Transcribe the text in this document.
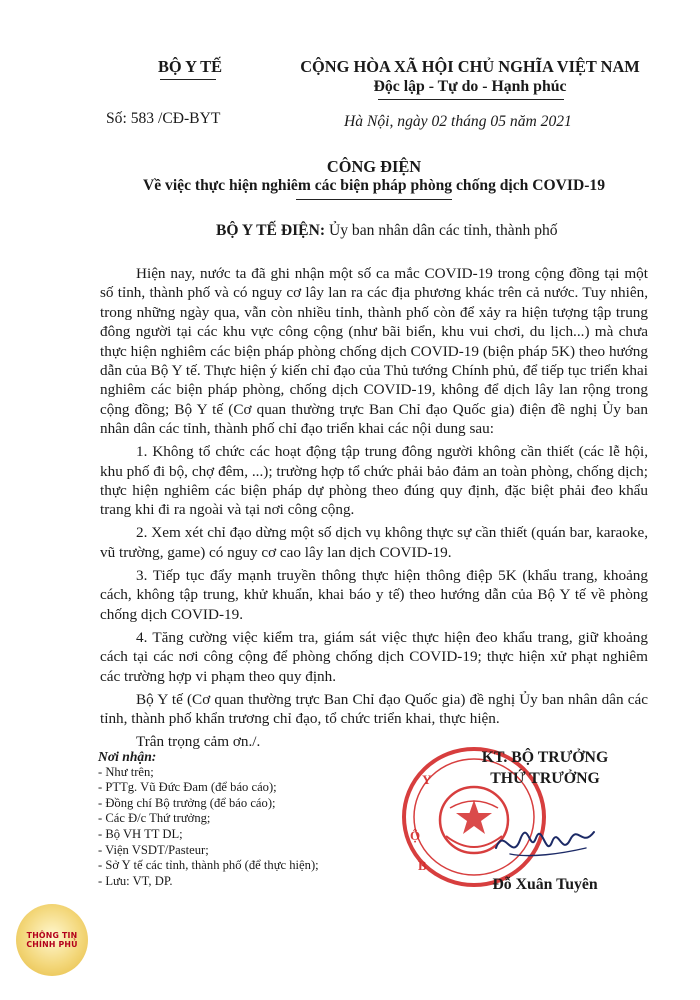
BỘ Y TẾ
Số: 583 /CĐ-BYT
CỘNG HÒA XÃ HỘI CHỦ NGHĨA VIỆT NAM
Độc lập - Tự do - Hạnh phúc
Hà Nội, ngày 02 tháng 05 năm 2021
CÔNG ĐIỆN
Về việc thực hiện nghiêm các biện pháp phòng chống dịch COVID-19
BỘ Y TẾ ĐIỆN: Ủy ban nhân dân các tỉnh, thành phố

Hiện nay, nước ta đã ghi nhận một số ca mắc COVID-19 trong cộng đồng tại một số tỉnh, thành phố và có nguy cơ lây lan ra các địa phương khác trên cả nước. Tuy nhiên, trong những ngày qua, vẫn còn nhiều tỉnh, thành phố còn để xảy ra hiện tượng tập trung đông người tại các khu vực công cộng (như bãi biển, khu vui chơi, du lịch...) mà chưa thực hiện nghiêm các biện pháp phòng chống dịch COVID-19 (biện pháp 5K) theo hướng dẫn của Bộ Y tế. Thực hiện ý kiến chỉ đạo của Thủ tướng Chính phủ, để tiếp tục triển khai nghiêm các biện pháp phòng, chống dịch COVID-19, không để dịch lây lan rộng trong cộng đồng; Bộ Y tế (Cơ quan thường trực Ban Chỉ đạo Quốc gia) điện đề nghị Ủy ban nhân dân các tỉnh, thành phố chỉ đạo triển khai các nội dung sau:

1. Không tổ chức các hoạt động tập trung đông người không cần thiết (các lễ hội, khu phố đi bộ, chợ đêm, ...); trường hợp tổ chức phải bảo đảm an toàn phòng, chống dịch; thực hiện nghiêm các biện pháp dự phòng theo đúng quy định, đặc biệt phải đeo khẩu trang khi đi ra ngoài và tại nơi công cộng.

2. Xem xét chỉ đạo dừng một số dịch vụ không thực sự cần thiết (quán bar, karaoke, vũ trường, game) có nguy cơ cao lây lan dịch COVID-19.

3. Tiếp tục đẩy mạnh truyền thông thực hiện thông điệp 5K (khẩu trang, khoảng cách, không tập trung, khử khuẩn, khai báo y tế) theo hướng dẫn của Bộ Y tế về phòng chống dịch COVID-19.

4. Tăng cường việc kiểm tra, giám sát việc thực hiện đeo khẩu trang, giữ khoảng cách tại các nơi công cộng để phòng chống dịch COVID-19; thực hiện xử phạt nghiêm các trường hợp vi phạm theo quy định.

Bộ Y tế (Cơ quan thường trực Ban Chỉ đạo Quốc gia) đề nghị Ủy ban nhân dân các tỉnh, thành phố khẩn trương chỉ đạo, tổ chức triển khai, thực hiện.

Trân trọng cảm ơn./.

Nơi nhận:
- Như trên;
- PTTg. Vũ Đức Đam (để báo cáo);
- Đồng chí Bộ trưởng (để báo cáo);
- Các Đ/c Thứ trưởng;
- Bộ VH TT DL;
- Viện VSDT/Pasteur;
- Sở Y tế các tỉnh, thành phố (để thực hiện);
- Lưu: VT, DP.
Y
Ộ
B
KT. BỘ TRƯỞNG
THỨ TRƯỞNG
Đỗ Xuân Tuyên
THÔNG TIN
CHÍNH PHỦ
